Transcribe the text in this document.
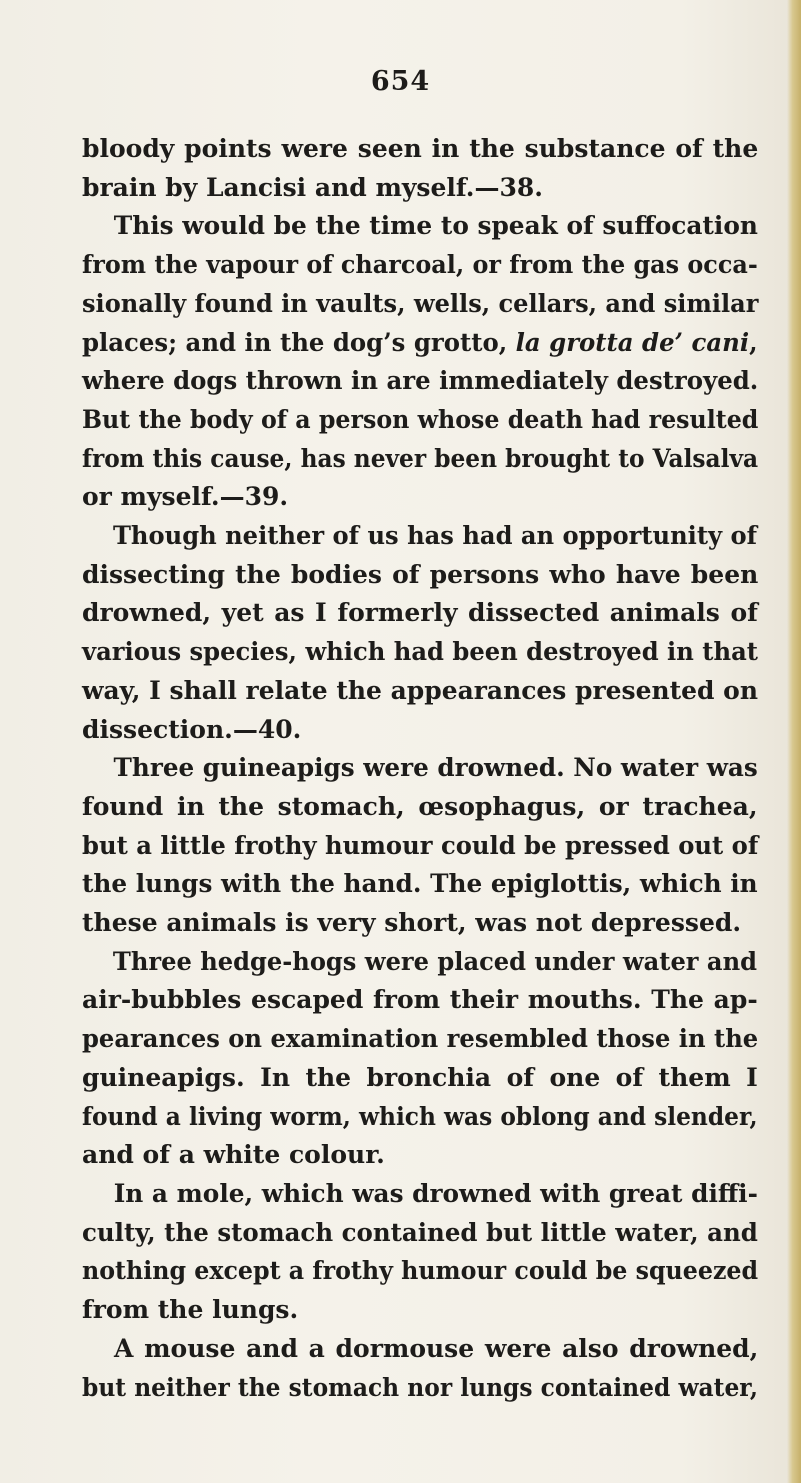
654

bloody points were seen in the substance of the
brain by Lancisi and myself.—38.

This would be the time to speak of suffocation
from the vapour of charcoal, or from the gas occa-
sionally found in vaults, wells, cellars, and similar
places; and in the dog’s grotto, la grotta de’ cani,
where dogs thrown in are immediately destroyed.
But the body of a person whose death had resulted
from this cause, has never been brought to Valsalva
or myself.—39.

Though neither of us has had an opportunity of
dissecting the bodies of persons who have been
drowned, yet as I formerly dissected animals of
various species, which had been destroyed in that
way, I shall relate the appearances presented on
dissection.—40.

Three guineapigs were drowned. No water was
found in the stomach, œsophagus, or trachea,
but a little frothy humour could be pressed out of
the lungs with the hand. The epiglottis, which in
these animals is very short, was not depressed.

Three hedge-hogs were placed under water and
air-bubbles escaped from their mouths. The ap-
pearances on examination resembled those in the
guineapigs. In the bronchia of one of them I
found a living worm, which was oblong and slender,
and of a white colour.

In a mole, which was drowned with great diffi-
culty, the stomach contained but little water, and
nothing except a frothy humour could be squeezed
from the lungs.

A mouse and a dormouse were also drowned,
but neither the stomach nor lungs contained water,
